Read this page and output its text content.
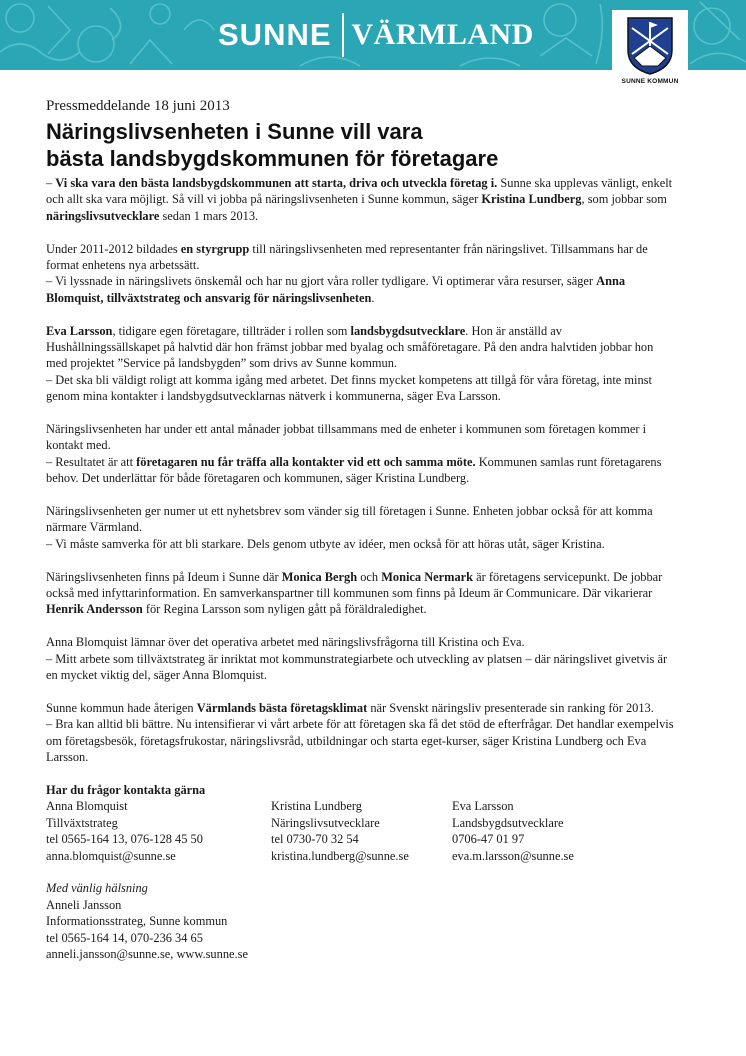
SUNNE VÄRMLAND
SUNNE KOMMUN
Pressmeddelande 18 juni 2013
Näringslivsenheten i Sunne vill vara
bästa landsbygdskommunen för företagare

– Vi ska vara den bästa landsbygdskommunen att starta, driva och utveckla företag i. Sunne ska upplevas vänligt, enkelt och allt ska vara möjligt. Så vill vi jobba på näringslivsenheten i Sunne kommun, säger Kristina Lundberg, som jobbar som näringslivsutvecklare sedan 1 mars 2013.

Under 2011-2012 bildades en styrgrupp till näringslivsenheten med representanter från näringslivet. Tillsammans har de format enhetens nya arbetssätt.
– Vi lyssnade in näringslivets önskemål och har nu gjort våra roller tydligare. Vi optimerar våra resurser, säger Anna Blomquist, tillväxtstrateg och ansvarig för näringslivsenheten.

Eva Larsson, tidigare egen företagare, tillträder i rollen som landsbygdsutvecklare. Hon är anställd av Hushållningssällskapet på halvtid där hon främst jobbar med byalag och småföretagare. På den andra halvtiden jobbar hon med projektet ”Service på landsbygden” som drivs av Sunne kommun.
– Det ska bli väldigt roligt att komma igång med arbetet. Det finns mycket kompetens att tillgå för våra företag, inte minst genom mina kontakter i landsbygdsutvecklarnas nätverk i kommunerna, säger Eva Larsson.

Näringslivsenheten har under ett antal månader jobbat tillsammans med de enheter i kommunen som företagen kommer i kontakt med.
– Resultatet är att företagaren nu får träffa alla kontakter vid ett och samma möte. Kommunen samlas runt företagarens behov. Det underlättar för både företagaren och kommunen, säger Kristina Lundberg.

Näringslivsenheten ger numer ut ett nyhetsbrev som vänder sig till företagen i Sunne. Enheten jobbar också för att komma närmare Värmland.
– Vi måste samverka för att bli starkare. Dels genom utbyte av idéer, men också för att höras utåt, säger Kristina.

Näringslivsenheten finns på Ideum i Sunne där Monica Bergh och Monica Nermark är företagens servicepunkt. De jobbar också med infyttarinformation. En samverkanspartner till kommunen som finns på Ideum är Communicare. Där vikarierar Henrik Andersson för Regina Larsson som nyligen gått på föräldraledighet.

Anna Blomquist lämnar över det operativa arbetet med näringslivsfrågorna till Kristina och Eva.
– Mitt arbete som tillväxtstrateg är inriktat mot kommunstrategiarbete och utveckling av platsen – där näringslivet givetvis är en mycket viktig del, säger Anna Blomquist.

Sunne kommun hade återigen Värmlands bästa företagsklimat när Svenskt näringsliv presenterade sin ranking för 2013.
– Bra kan alltid bli bättre. Nu intensifierar vi vårt arbete för att företagen ska få det stöd de efterfrågar. Det handlar exempelvis om företagsbesök, företagsfrukostar, näringslivsråd, utbildningar och starta eget-kurser, säger Kristina Lundberg och Eva Larsson.

Har du frågor kontakta gärna
Anna Blomquist
Tillväxtstrateg
tel 0565-164 13, 076-128 45 50
anna.blomquist@sunne.se
Kristina Lundberg
Näringslivsutvecklare
tel 0730-70 32 54
kristina.lundberg@sunne.se
Eva Larsson
Landsbygdsutvecklare
0706-47 01 97
eva.m.larsson@sunne.se
Med vänlig hälsning
Anneli Jansson
Informationsstrateg, Sunne kommun
tel 0565-164 14, 070-236 34 65
anneli.jansson@sunne.se, www.sunne.se
